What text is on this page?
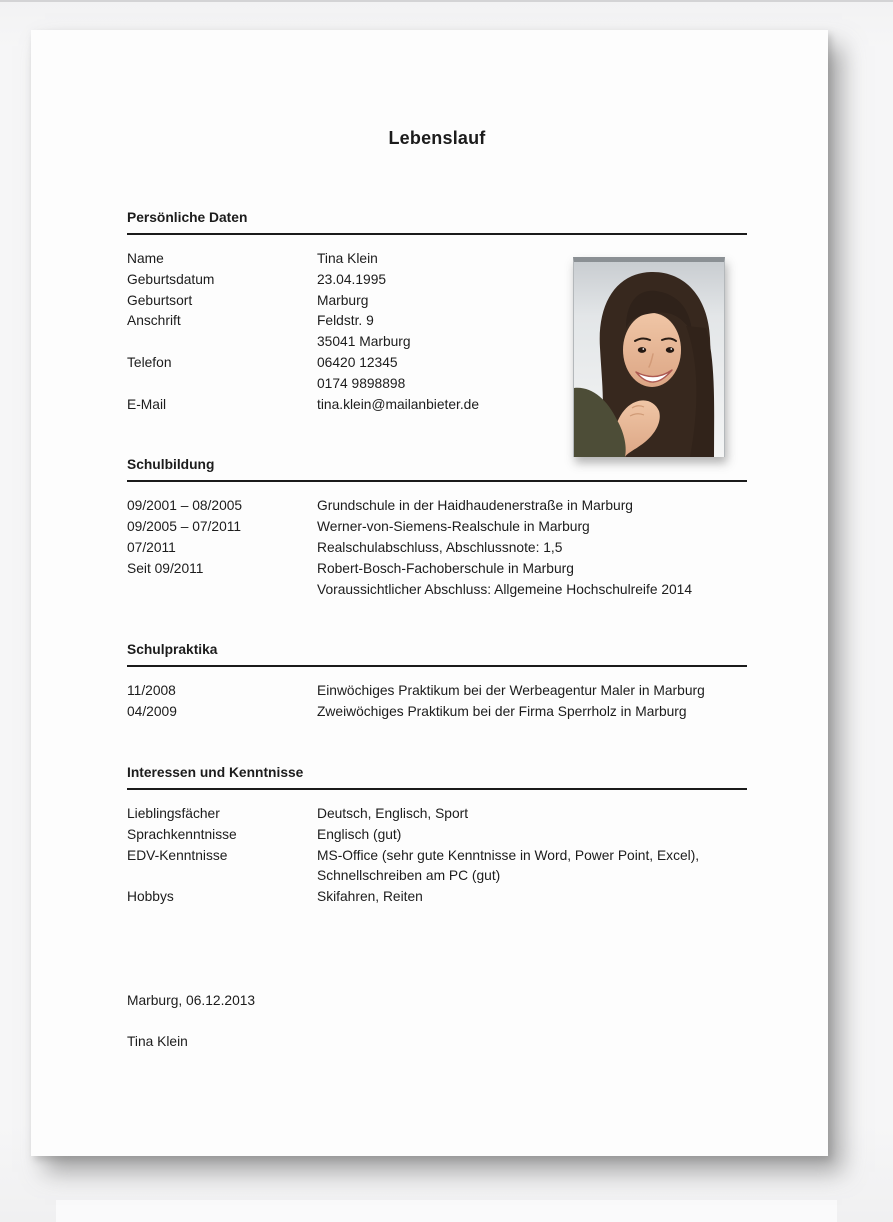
Lebenslauf
Persönliche Daten
Name	Tina Klein
Geburtsdatum	23.04.1995
Geburtsort	Marburg
Anschrift	Feldstr. 9
35041 Marburg
Telefon	06420 12345
0174 9898898
E-Mail	tina.klein@mailanbieter.de
Schulbildung
09/2001 – 08/2005	Grundschule in der Haidhaudenerstraße in Marburg
09/2005 – 07/2011	Werner-von-Siemens-Realschule in Marburg
07/2011	Realschulabschluss, Abschlussnote: 1,5
Seit 09/2011	Robert-Bosch-Fachoberschule in Marburg
Voraussichtlicher Abschluss: Allgemeine Hochschulreife 2014
Schulpraktika
11/2008	Einwöchiges Praktikum bei der Werbeagentur Maler in Marburg
04/2009	Zweiwöchiges Praktikum bei der Firma Sperrholz in Marburg
Interessen und Kenntnisse
Lieblingsfächer	Deutsch, Englisch, Sport
Sprachkenntnisse	Englisch (gut)
EDV-Kenntnisse	MS-Office (sehr gute Kenntnisse in Word, Power Point, Excel),
Schnellschreiben am PC (gut)
Hobbys	Skifahren, Reiten
Marburg, 06.12.2013
Tina Klein
